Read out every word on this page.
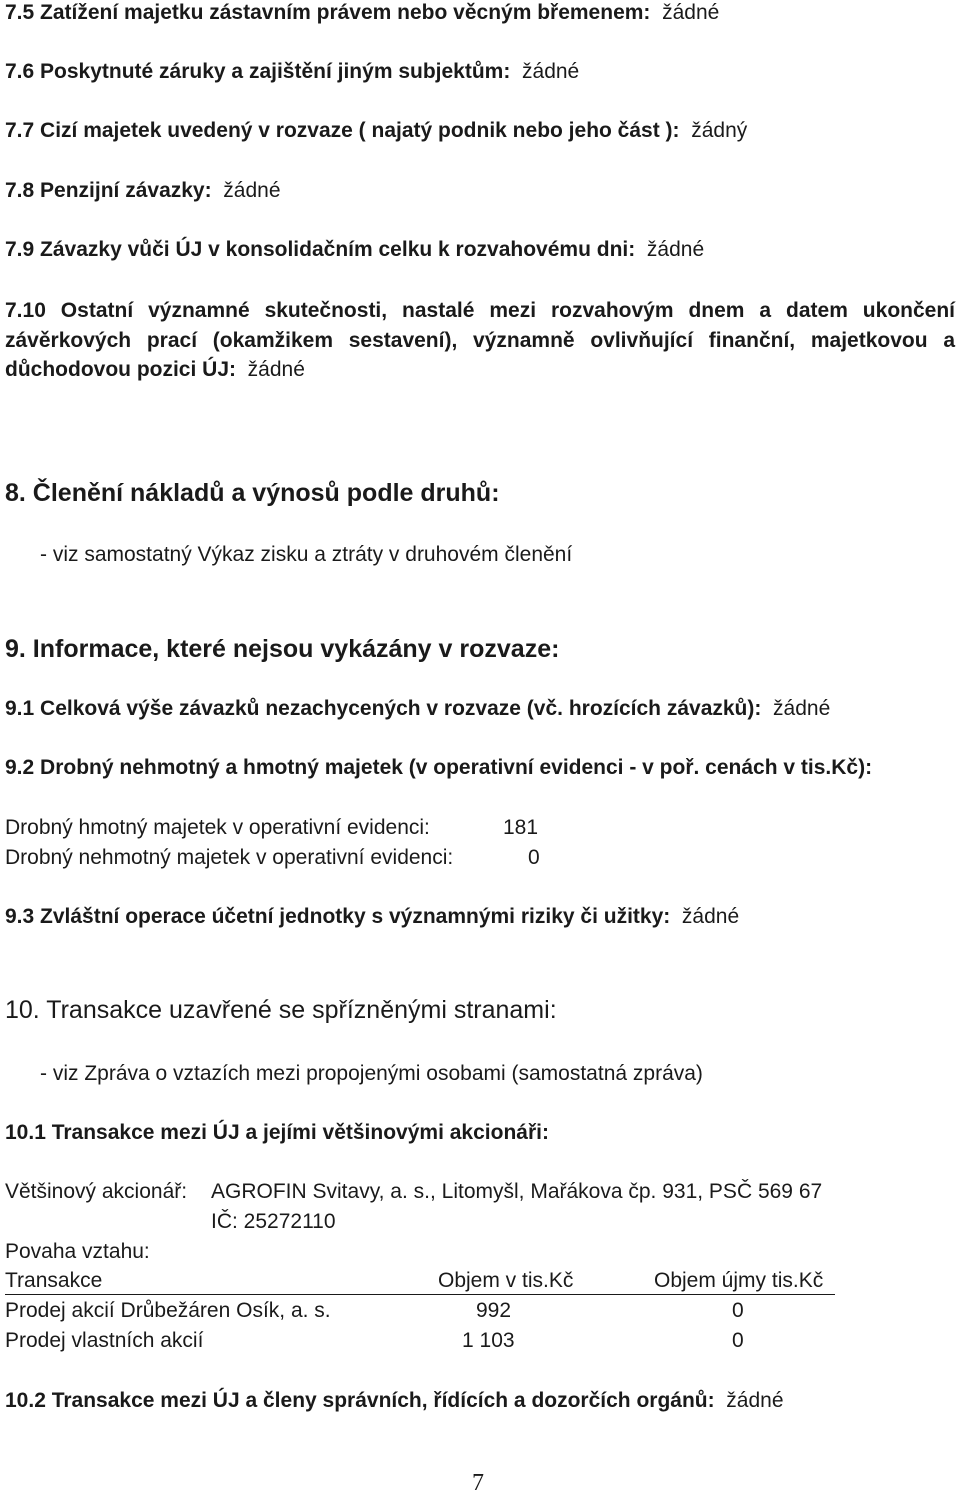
7.5 Zatížení majetku zástavním právem nebo věcným břemenem: žádné
7.6 Poskytnuté záruky a zajištění jiným subjektům: žádné
7.7 Cizí majetek uvedený v rozvaze ( najatý podnik nebo jeho část ): žádný
7.8 Penzijní závazky: žádné
7.9 Závazky vůči ÚJ v konsolidačním celku k rozvahovému dni: žádné
7.10 Ostatní významné skutečnosti, nastalé mezi rozvahovým dnem a datem ukončení
závěrkových prací (okamžikem sestavení), významně ovlivňující finanční, majetkovou a
důchodovou pozici ÚJ: žádné
8. Členění nákladů a výnosů podle druhů:
- viz samostatný Výkaz zisku a ztráty v druhovém členění
9. Informace, které nejsou vykázány v rozvaze:
9.1 Celková výše závazků nezachycených v rozvaze (vč. hrozících závazků): žádné
9.2 Drobný nehmotný a hmotný majetek (v operativní evidenci - v poř. cenách v tis.Kč):
Drobný hmotný majetek v operativní evidenci:	181
Drobný nehmotný majetek v operativní evidenci:	0
9.3 Zvláštní operace účetní jednotky s významnými riziky či užitky: žádné
10. Transakce uzavřené se spřízněnými stranami:
- viz Zpráva o vztazích mezi propojenými osobami (samostatná zpráva)
10.1 Transakce mezi ÚJ a jejími většinovými akcionáři:
Většinový akcionář: AGROFIN Svitavy, a. s., Litomyšl, Mařákova čp. 931, PSČ 569 67
IČ: 25272110
Povaha vztahu:
Transakce	Objem v tis.Kč	Objem újmy tis.Kč
Prodej akcií Drůbežáren Osík, a. s.	992	0
Prodej vlastních akcií	1 103	0
10.2 Transakce mezi ÚJ a členy správních, řídících a dozorčích orgánů: žádné
7
